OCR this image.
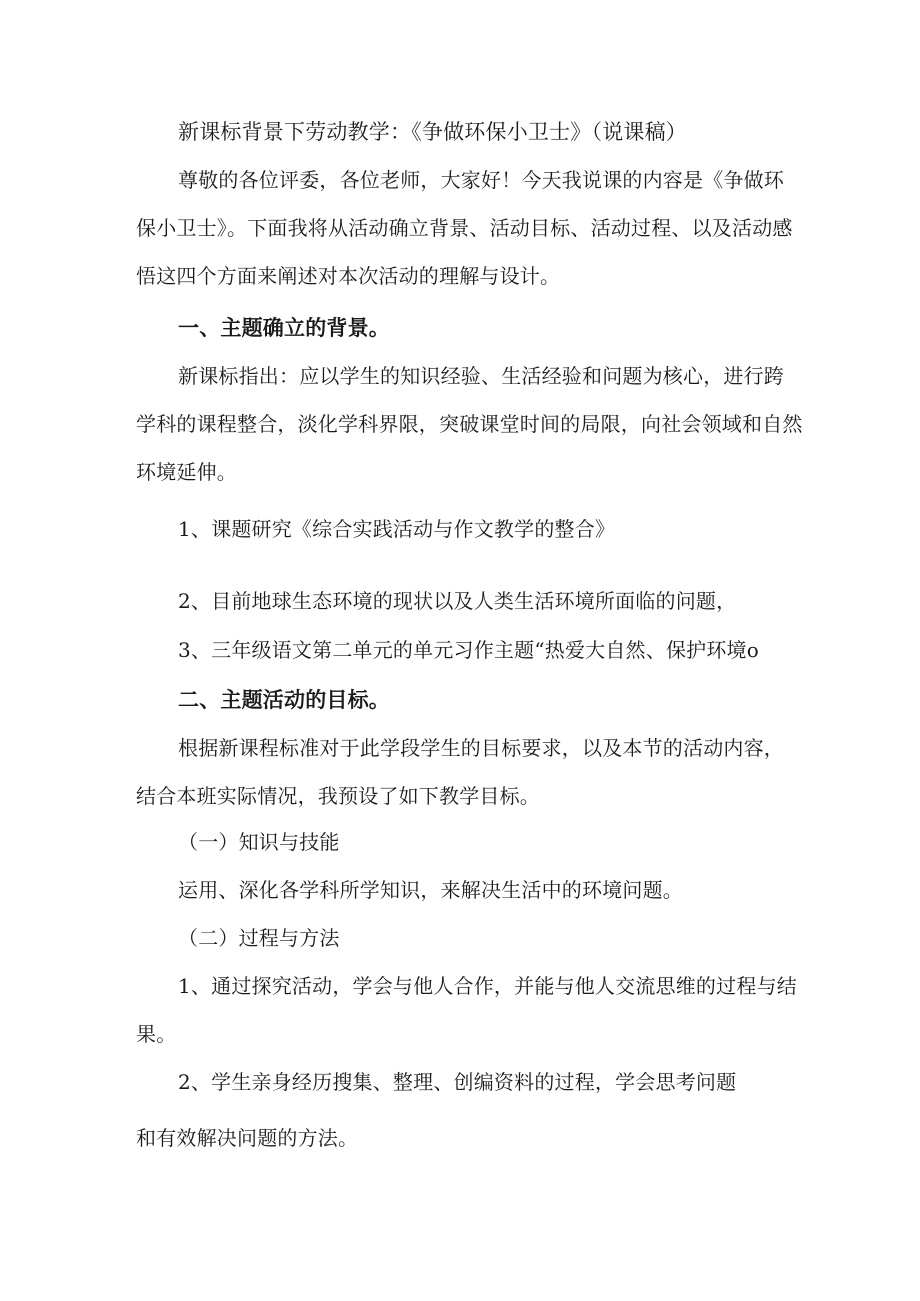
新课标背景下劳动教学：《争做环保小卫士》（说课稿）
尊敬的各位评委，各位老师，大家好！今天我说课的内容是《争做环
保小卫士》。下面我将从活动确立背景、活动目标、活动过程、以及活动感
悟这四个方面来阐述对本次活动的理解与设计。
一、主题确立的背景。
新课标指出：应以学生的知识经验、生活经验和问题为核心，进行跨
学科的课程整合，淡化学科界限，突破课堂时间的局限，向社会领域和自然
环境延伸。
1、课题研究《综合实践活动与作文教学的整合》
2、目前地球生态环境的现状以及人类生活环境所面临的问题，
3、三年级语文第二单元的单元习作主题“热爱大自然、保护环境o
二、主题活动的目标。
根据新课程标准对于此学段学生的目标要求，以及本节的活动内容，
结合本班实际情况，我预设了如下教学目标。
（一）知识与技能
运用、深化各学科所学知识，来解决生活中的环境问题。
（二）过程与方法
1、通过探究活动，学会与他人合作，并能与他人交流思维的过程与结
果。
2、学生亲身经历搜集、整理、创编资料的过程，学会思考问题
和有效解决问题的方法。
